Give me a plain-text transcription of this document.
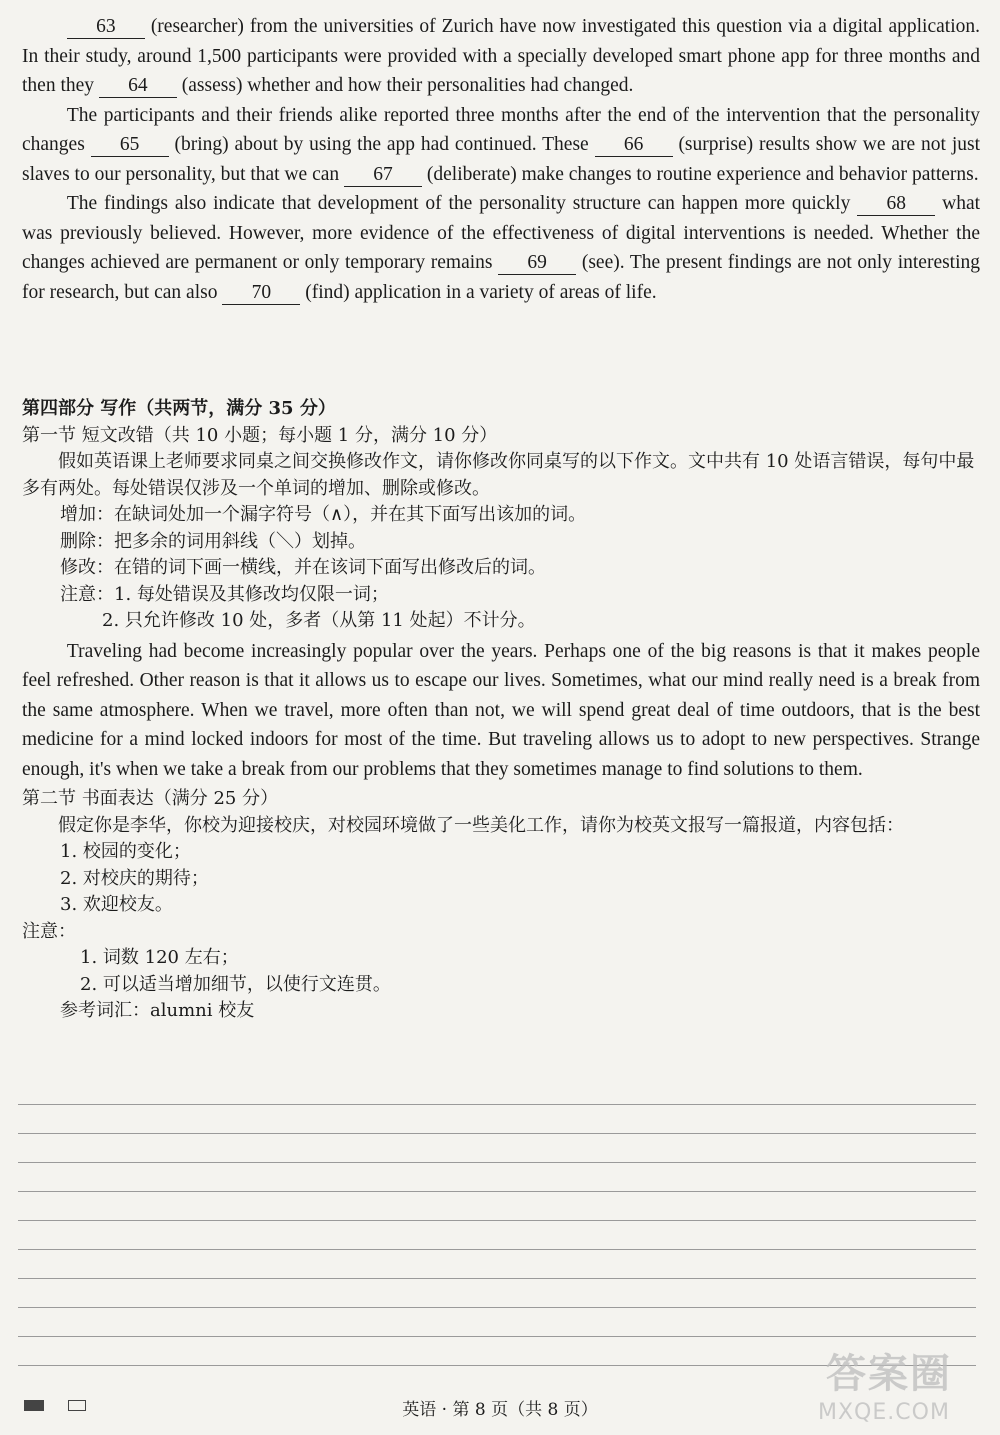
63 (researcher) from the universities of Zurich have now investigated this question via a digital application. In their study, around 1,500 participants were provided with a specially developed smart phone app for three months and then they 64 (assess) whether and how their personalities had changed.

The participants and their friends alike reported three months after the end of the intervention that the personality changes 65 (bring) about by using the app had continued. These 66 (surprise) results show we are not just slaves to our personality, but that we can 67 (deliberate) make changes to routine experience and behavior patterns.

The findings also indicate that development of the personality structure can happen more quickly 68 what was previously believed. However, more evidence of the effectiveness of digital interventions is needed. Whether the changes achieved are permanent or only temporary remains 69 (see). The present findings are not only interesting for research, but can also 70 (find) application in a variety of areas of life.

第四部分 写作（共两节，满分 35 分）

第一节 短文改错（共 10 小题；每小题 1 分，满分 10 分）

假如英语课上老师要求同桌之间交换修改作文，请你修改你同桌写的以下作文。文中共有 10 处语言错误，每句中最多有两处。每处错误仅涉及一个单词的增加、删除或修改。

增加：在缺词处加一个漏字符号（∧），并在其下面写出该加的词。

删除：把多余的词用斜线（＼）划掉。

修改：在错的词下画一横线，并在该词下面写出修改后的词。

注意：1. 每处错误及其修改均仅限一词；

2. 只允许修改 10 处，多者（从第 11 处起）不计分。

Traveling had become increasingly popular over the years. Perhaps one of the big reasons is that it makes people feel refreshed. Other reason is that it allows us to escape our lives. Sometimes, what our mind really need is a break from the same atmosphere. When we travel, more often than not, we will spend great deal of time outdoors, that is the best medicine for a mind locked indoors for most of the time. But traveling allows us to adopt to new perspectives. Strange enough, it's when we take a break from our problems that they sometimes manage to find solutions to them.

第二节 书面表达（满分 25 分）

假定你是李华，你校为迎接校庆，对校园环境做了一些美化工作，请你为校英文报写一篇报道，内容包括：

1. 校园的变化；

2. 对校庆的期待；

3. 欢迎校友。

注意：

1. 词数 120 左右；

2. 可以适当增加细节，以使行文连贯。

参考词汇：alumni 校友

英语 · 第 8 页（共 8 页）
答案圈
MXQE.COM
